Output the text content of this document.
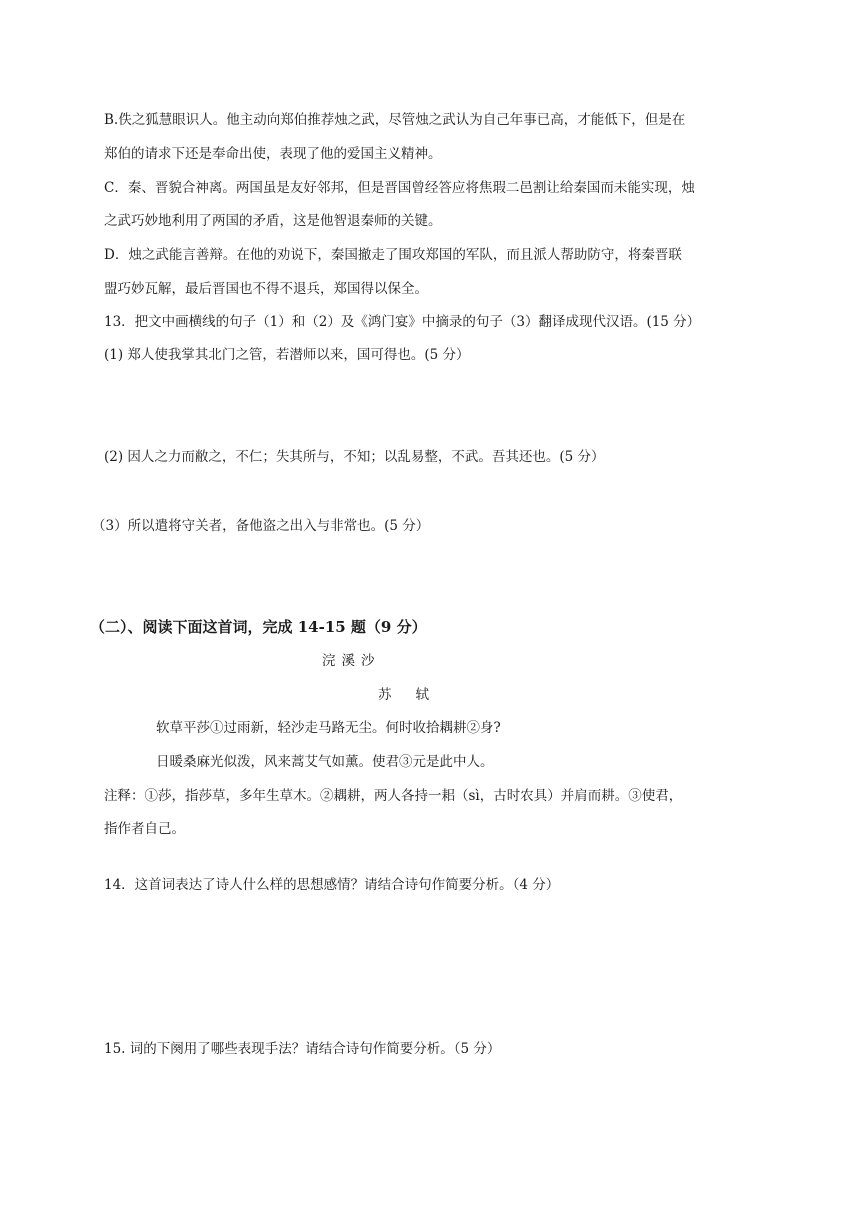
B.佚之狐慧眼识人。他主动向郑伯推荐烛之武，尽管烛之武认为自己年事已高，才能低下，但是在
郑伯的请求下还是奉命出使，表现了他的爱国主义精神。
C．秦、晋貌合神离。两国虽是友好邻邦，但是晋国曾经答应将焦瑕二邑割让给秦国而未能实现，烛
之武巧妙地利用了两国的矛盾，这是他智退秦师的关键。
D．烛之武能言善辩。在他的劝说下，秦国撤走了围攻郑国的军队，而且派人帮助防守，将秦晋联
盟巧妙瓦解，最后晋国也不得不退兵，郑国得以保全。
13．把文中画横线的句子（1）和（2）及《鸿门宴》中摘录的句子（3）翻译成现代汉语。(15 分）
(1) 郑人使我掌其北门之管，若潜师以来，国可得也。(5 分）
(2) 因人之力而敝之，不仁；失其所与，不知；以乱易整，不武。吾其还也。(5 分）
（3）所以遣将守关者，备他盗之出入与非常也。(5 分）
（二）、阅读下面这首词，完成 14-15 题（9 分）
浣溪沙
苏 轼
软草平莎①过雨新，轻沙走马路无尘。何时收拾耦耕②身?
日暖桑麻光似泼，风来蒿艾气如薰。使君③元是此中人。
注释：①莎，指莎草，多年生草木。②耦耕，两人各持一耜（sì，古时农具）并肩而耕。③使君，
指作者自己。
14．这首词表达了诗人什么样的思想感情？请结合诗句作简要分析。（4 分）
15. 词的下阕用了哪些表现手法？请结合诗句作简要分析。（5 分）
